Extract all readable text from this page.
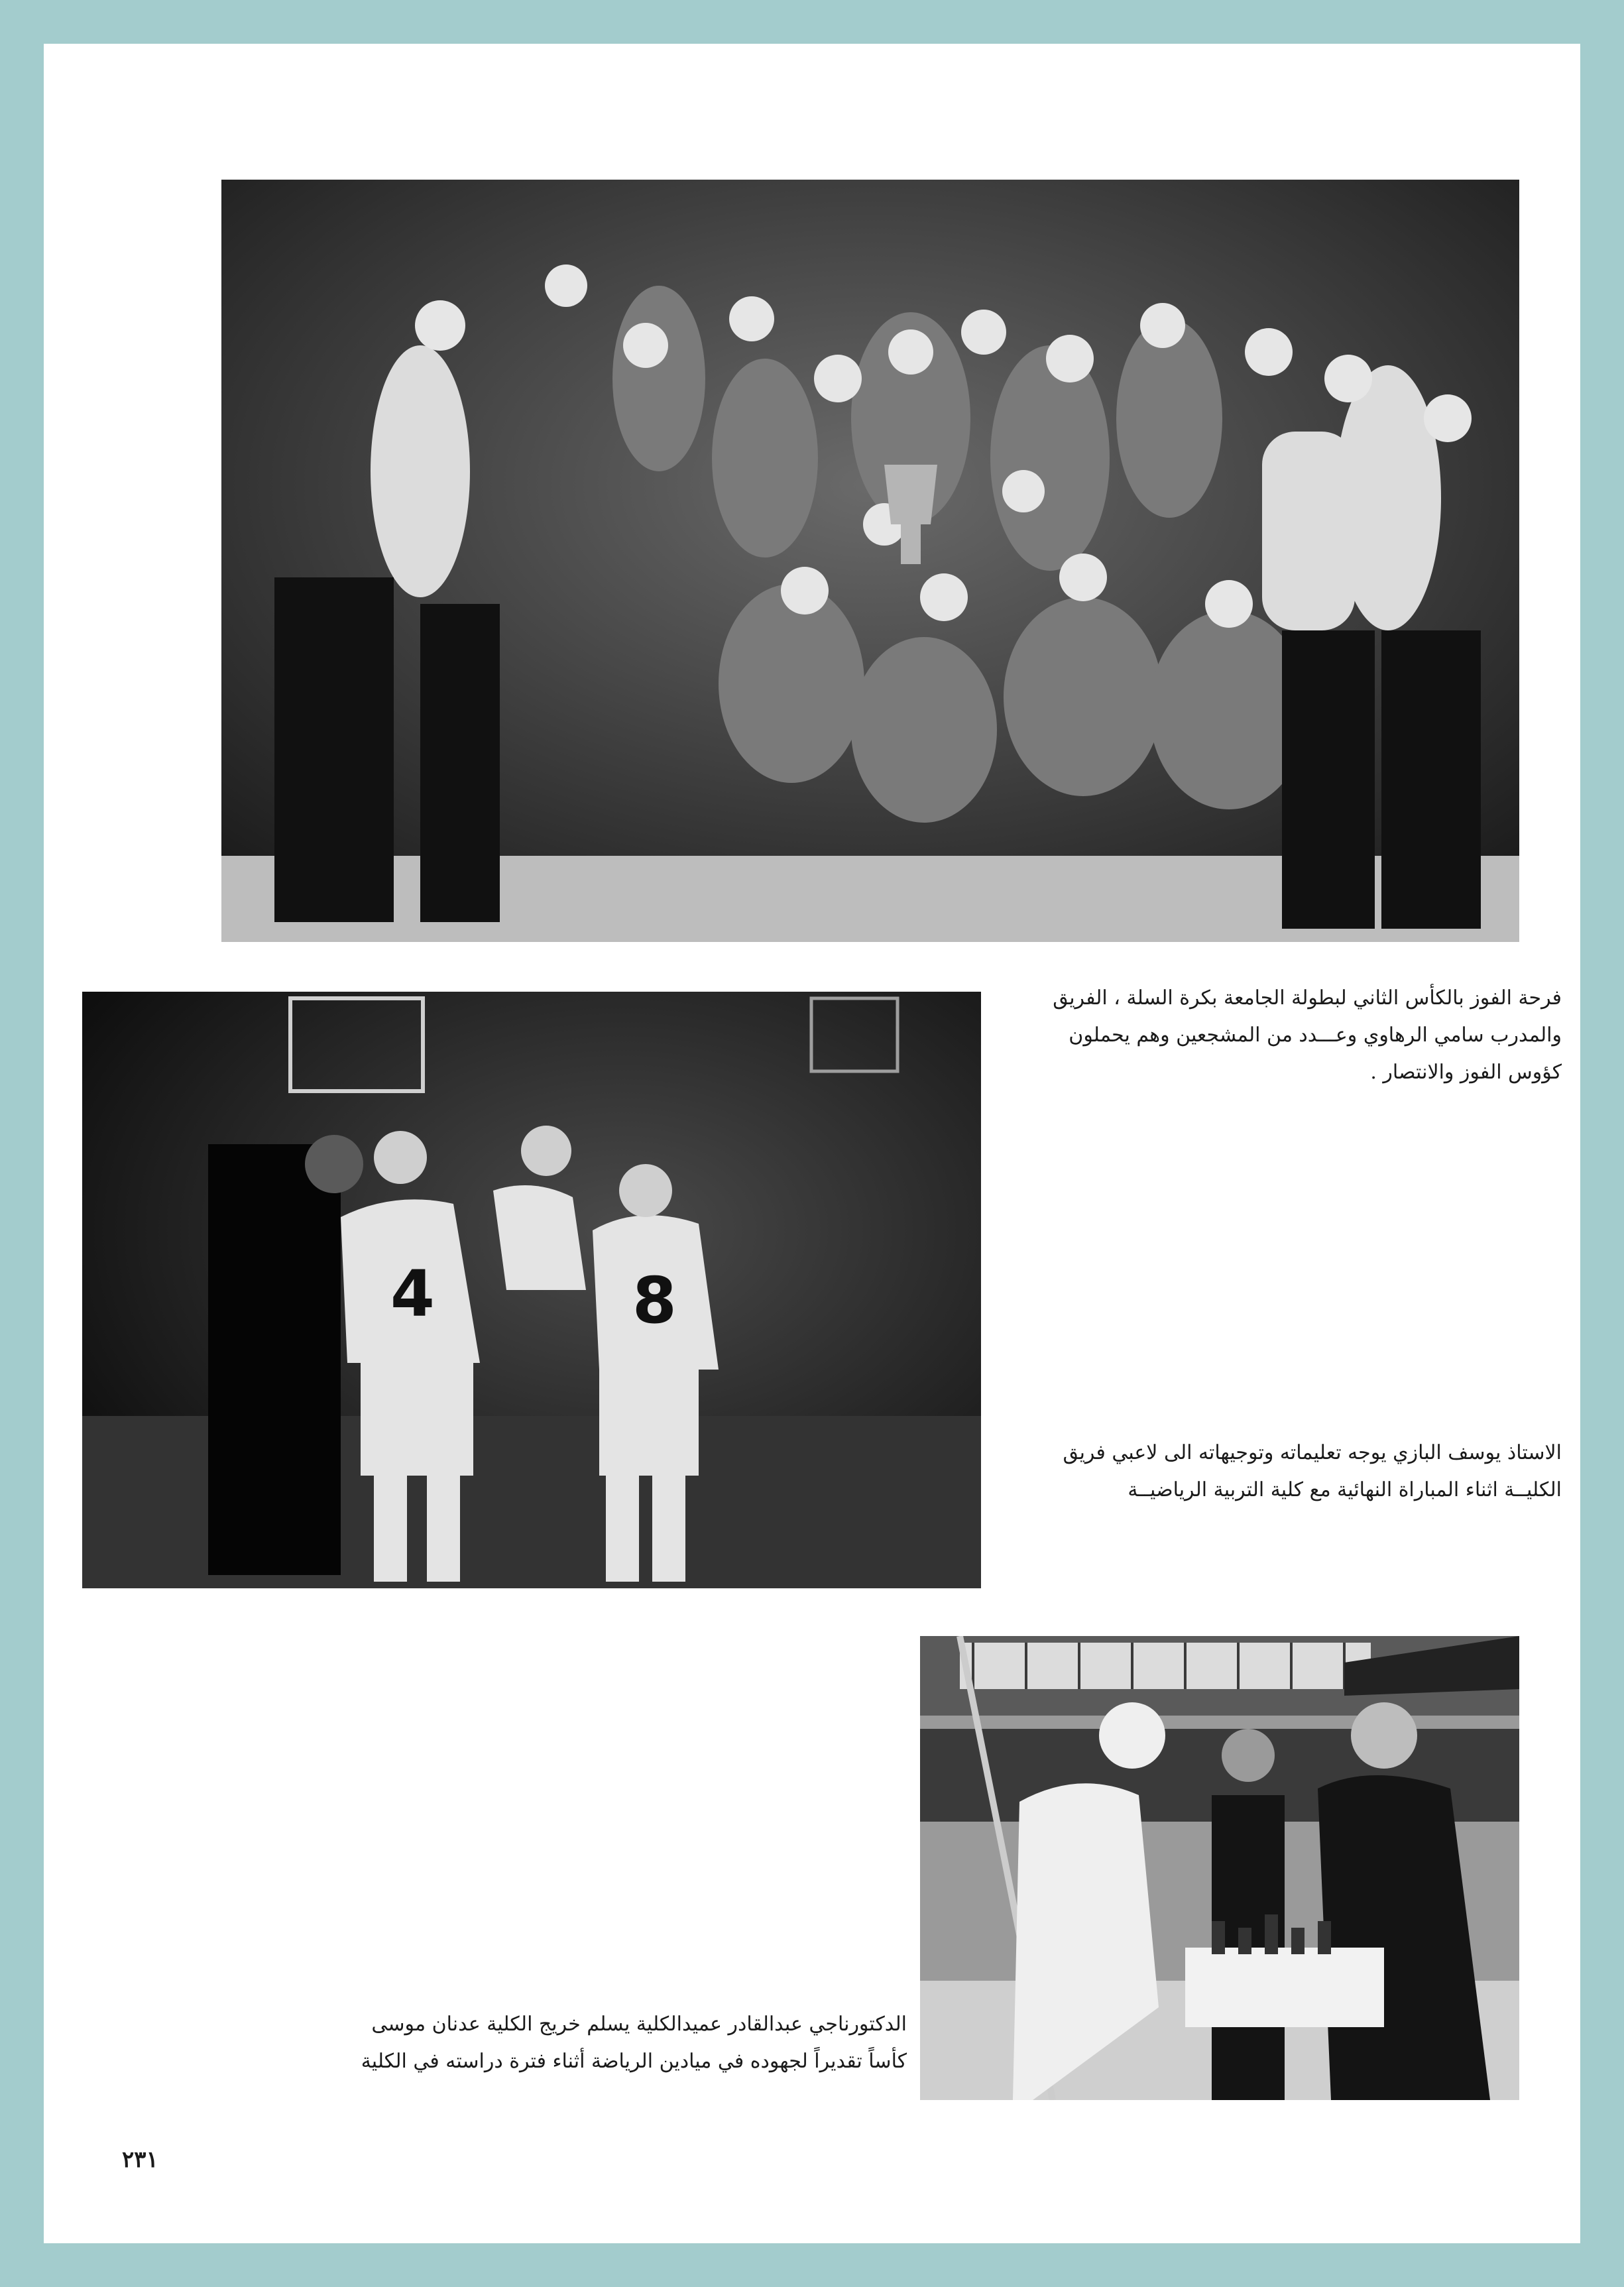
4	8
فرحة الفوز بالكأس الثاني لبطولة الجامعة بكرة السلة ، الفريق
والمدرب سامي الرهاوي وعـــدد من المشجعين وهم يحملون
كؤوس الفوز والانتصار .
الاستاذ يوسف البازي يوجه تعليماته وتوجيهاته الى لاعبي فريق
الكليــة اثناء المباراة النهائية مع كلية التربية الرياضيــة
الدكتورناجي عبدالقادر عميدالكلية يسلم خريج الكلية عدنان موسى
كأساً تقديراً لجهوده في ميادين الرياضة أثناء فترة دراسته في الكلية
٢٣١
